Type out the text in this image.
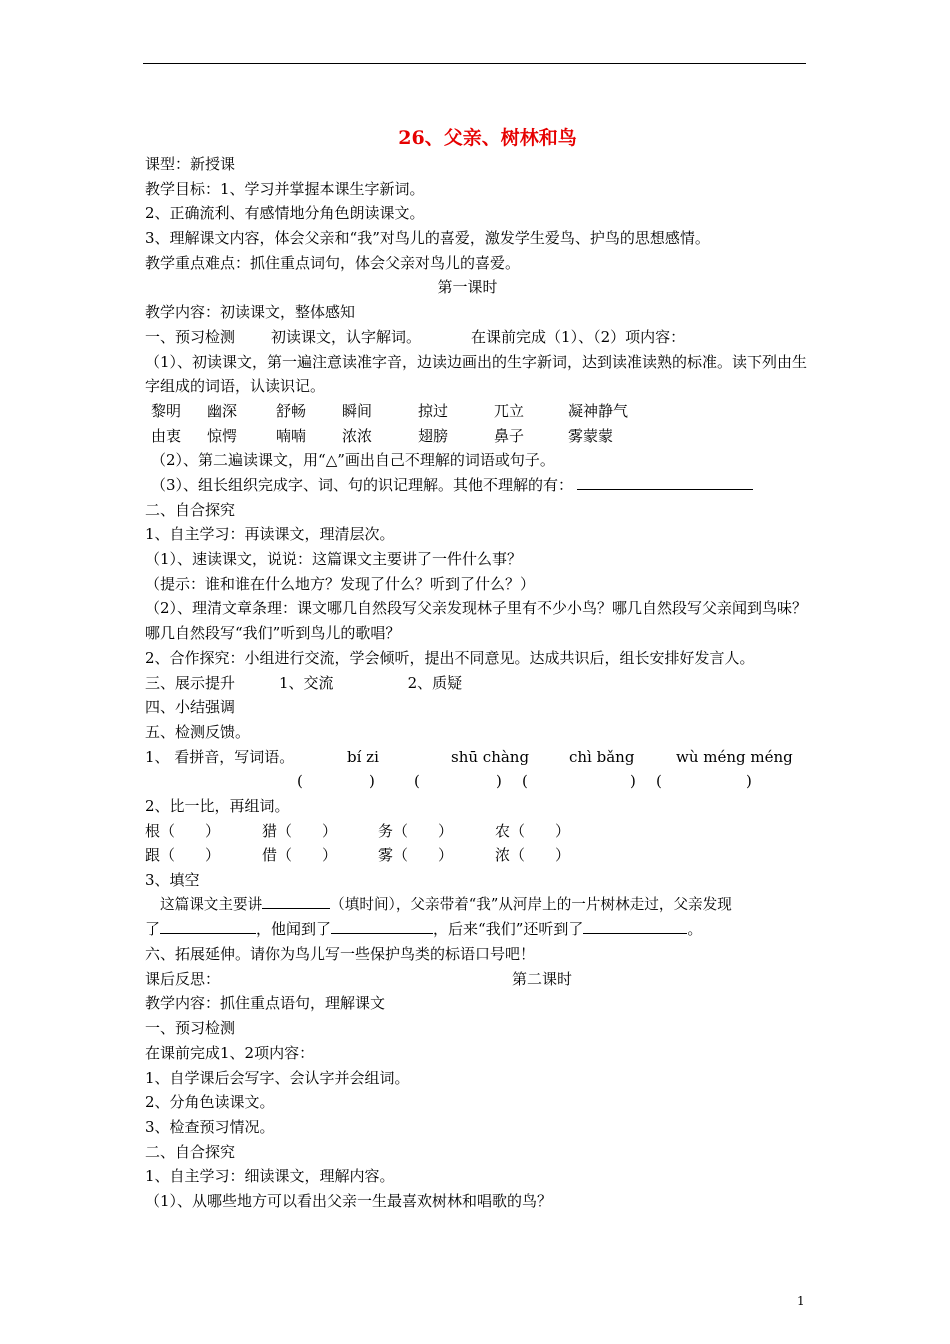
26、父亲、树林和鸟
课型：新授课
教学目标：1、学习并掌握本课生字新词。
2、正确流利、有感情地分角色朗读课文。
3、理解课文内容，体会父亲和“我”对鸟儿的喜爱，激发学生爱鸟、护鸟的思想感情。
教学重点难点：抓住重点词句，体会父亲对鸟儿的喜爱。
第一课时
教学内容：初读课文，整体感知
一、预习检测 初读课文，认字解词。	在课前完成（1）、（2）项内容：
（1）、初读课文，第一遍注意读准字音，边读边画出的生字新词，达到读准读熟的标准。读下列由生字组成的词语，认读识记。
黎明 幽深	舒畅 瞬间	掠过	兀立	凝神静气
由衷 惊愕	喃喃 浓浓	翅膀	鼻子	雾蒙蒙
（2）、第二遍读课文，用“△”画出自己不理解的词语或句子。
（3）、组长组织完成字、词、句的识记理解。其他不理解的有：
二、自合探究
1、自主学习：再读课文，理清层次。
（1）、速读课文，说说：这篇课文主要讲了一件什么事？
（提示：谁和谁在什么地方？发现了什么？听到了什么？）
（2）、理清文章条理：课文哪几自然段写父亲发现林子里有不少小鸟？哪几自然段写父亲闻到鸟味？哪几自然段写“我们”听到鸟儿的歌唱？
2、合作探究：小组进行交流，学会倾听，提出不同意见。达成共识后，组长安排好发言人。
三、展示提升	1、交流	2、质疑
四、小结强调
五、检测反馈。
1、 看拼音，写词语。	bí zi	shū chàng	chì bǎng	wù méng méng
(	)	(	) (	) (	)
2、比一比，再组词。
根（　　）	猎（　　）	务（　　）	农（　　）
跟（　　）	借（　　）	雾（　　）	浓（　　）
3、填空
这篇课文主要讲	（填时间），父亲带着“我”从河岸上的一片树林走过，父亲发现
了	，他闻到了	，后来“我们”还听到了	。
六、拓展延伸。请你为鸟儿写一些保护鸟类的标语口号吧！
课后反思：	第二课时
教学内容：抓住重点语句，理解课文
一、预习检测
在课前完成1、2项内容：
1、自学课后会写字、会认字并会组词。
2、分角色读课文。
3、检查预习情况。
二、自合探究
1、自主学习：细读课文，理解内容。
（1）、从哪些地方可以看出父亲一生最喜欢树林和唱歌的鸟？
1
